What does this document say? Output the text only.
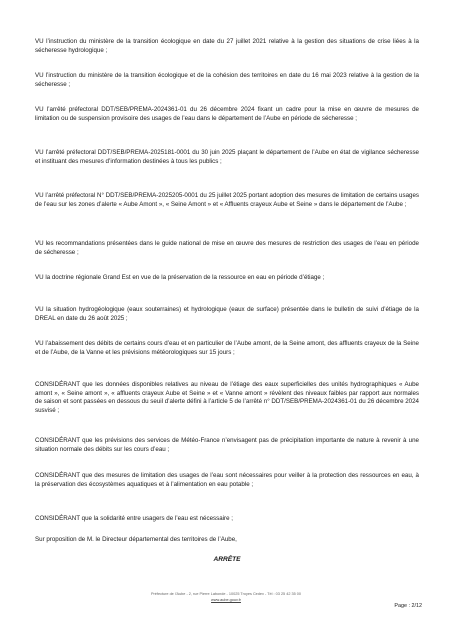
VU l’instruction du ministère de la transition écologique en date du 27 juillet 2021 relative à la gestion des situations de crise liées à la sécheresse hydrologique ;

VU l’instruction du ministère de la transition écologique et de la cohésion des territoires en date du 16 mai 2023 relative à la gestion de la sécheresse ;

VU l’arrêté préfectoral DDT/SEB/PREMA-2024361-01 du 26 décembre 2024 fixant un cadre pour la mise en œuvre de mesures de limitation ou de suspension provisoire des usages de l’eau dans le département de l’Aube en période de sécheresse ;

VU l’arrêté préfectoral DDT/SEB/PREMA-2025181-0001 du 30 juin 2025 plaçant le département de l’Aube en état de vigilance sécheresse et instituant des mesures d’information destinées à tous les publics ;

VU l’arrêté préfectoral N° DDT/SEB/PREMA-2025205-0001 du 25 juillet 2025 portant adoption des mesures de limitation de certains usages de l’eau sur les zones d’alerte « Aube Amont », « Seine Amont » et « Affluents crayeux Aube et Seine » dans le département de l’Aube ;

VU les recommandations présentées dans le guide national de mise en œuvre des mesures de restriction des usages de l’eau en période de sécheresse ;

VU la doctrine régionale Grand Est en vue de la préservation de la ressource en eau en période d’étiage ;

VU la situation hydrogéologique (eaux souterraines) et hydrologique (eaux de surface) présentée dans le bulletin de suivi d’étiage de la DREAL en date du 26 août 2025 ;

VU l’abaissement des débits de certains cours d’eau et en particulier de l’Aube amont, de la Seine amont, des affluents crayeux de la Seine et de l’Aube, de la Vanne et les prévisions météorologiques sur 15 jours ;

CONSIDÉRANT que les données disponibles relatives au niveau de l’étiage des eaux superficielles des unités hydrographiques « Aube amont », « Seine amont », « affluents crayeux Aube et Seine » et « Vanne amont » révèlent des niveaux faibles par rapport aux normales de saison et sont passées en dessous du seuil d’alerte défini à l’article 5 de l’arrêté n° DDT/SEB/PREMA-2024361-01 du 26 décembre 2024 susvisé ;

CONSIDÉRANT que les prévisions des services de Météo-France n’envisagent pas de précipitation importante de nature à revenir à une situation normale des débits sur les cours d’eau ;

CONSIDÉRANT que des mesures de limitation des usages de l’eau sont nécessaires pour veiller à la protection des ressources en eau, à la préservation des écosystèmes aquatiques et à l’alimentation en eau potable ;

CONSIDÉRANT que la solidarité entre usagers de l’eau est nécessaire ;

Sur proposition de M. le Directeur départemental des territoires de l’Aube,

ARRÊTE

Préfecture de l’Aube - 2, rue Pierre Labonde - 10025 Troyes Cedex - Tél : 03 25 42 35 00

www.aube.gouv.fr

Page : 2/12
